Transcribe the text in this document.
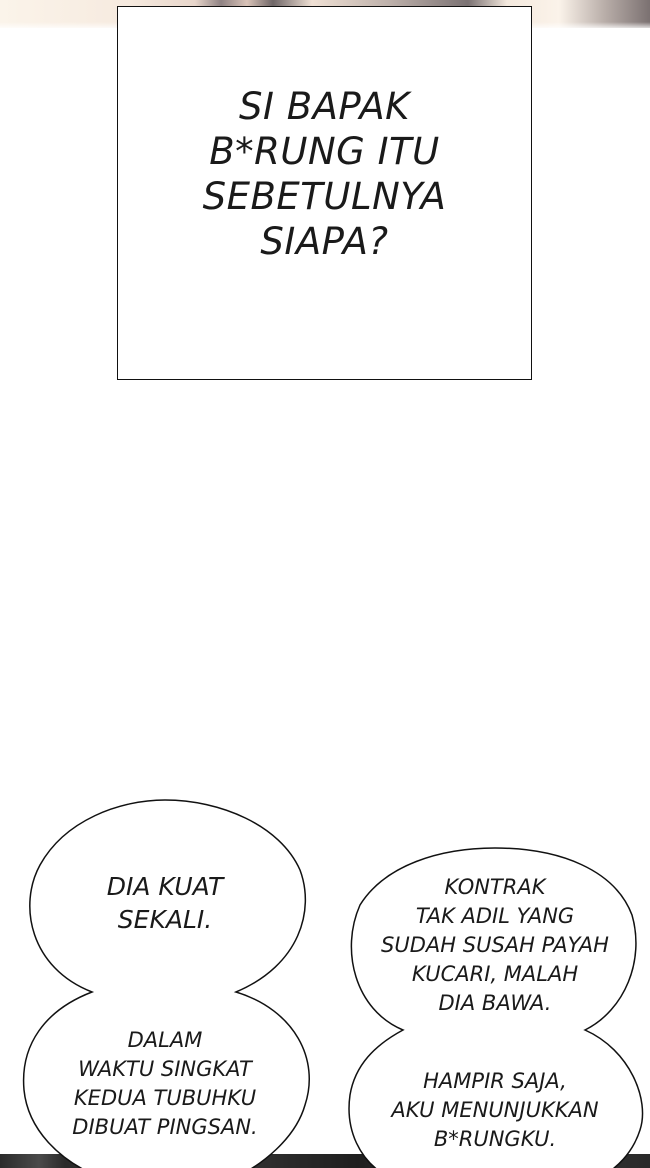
SI BAPAK
B*RUNG ITU
SEBETULNYA
SIAPA?
DIA KUAT
SEKALI.
DALAM
WAKTU SINGKAT
KEDUA TUBUHKU
DIBUAT PINGSAN.
KONTRAK
TAK ADIL YANG
SUDAH SUSAH PAYAH
KUCARI, MALAH
DIA BAWA.
HAMPIR SAJA,
AKU MENUNJUKKAN
B*RUNGKU.
